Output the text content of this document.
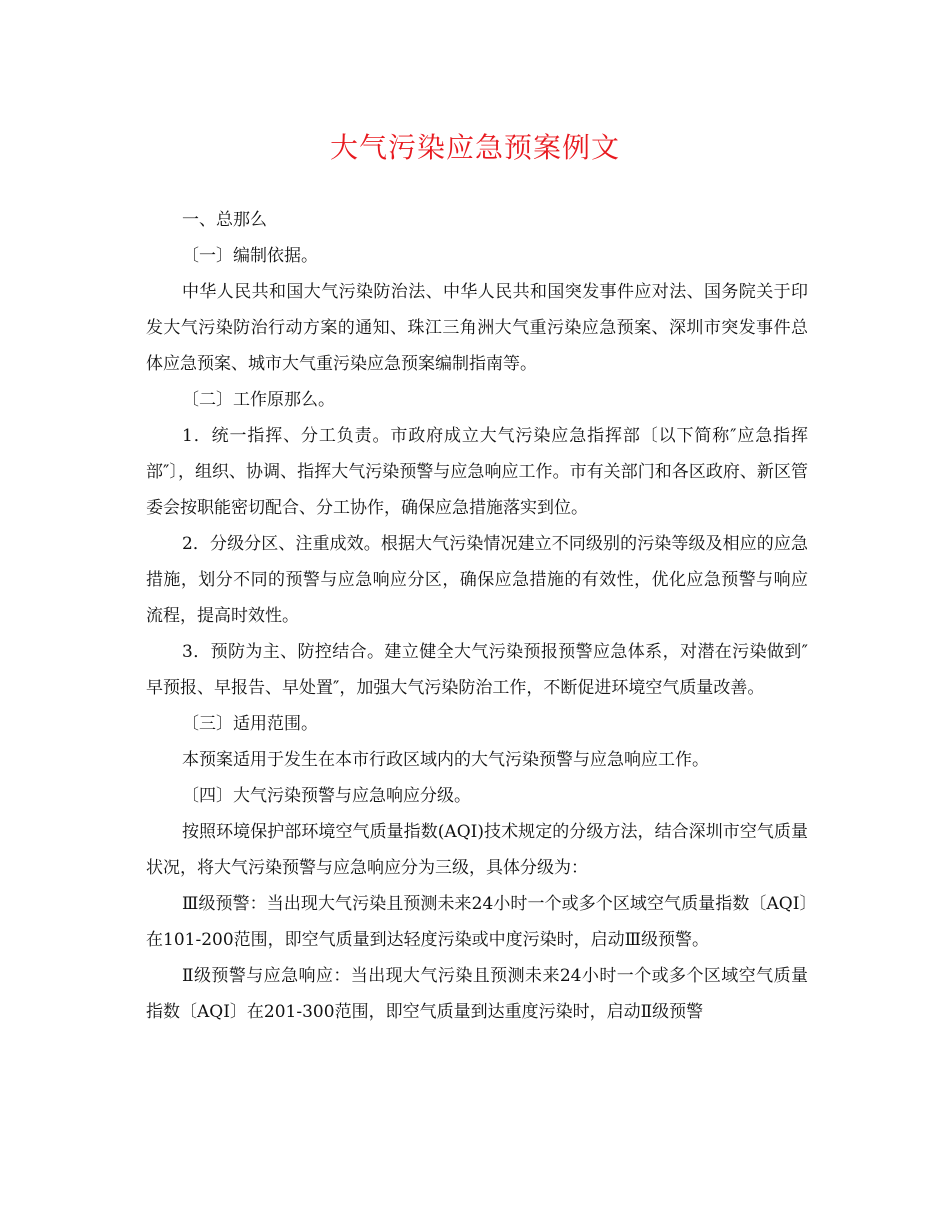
大气污染应急预案例文

一、总那么

〔一〕编制依据。

中华人民共和国大气污染防治法、中华人民共和国突发事件应对法、国务院关于印发大气污染防治行动方案的通知、珠江三角洲大气重污染应急预案、深圳市突发事件总体应急预案、城市大气重污染应急预案编制指南等。

〔二〕工作原那么。

1．统一指挥、分工负责。市政府成立大气污染应急指挥部〔以下简称″应急指挥部″〕，组织、协调、指挥大气污染预警与应急响应工作。市有关部门和各区政府、新区管委会按职能密切配合、分工协作，确保应急措施落实到位。

2．分级分区、注重成效。根据大气污染情况建立不同级别的污染等级及相应的应急措施，划分不同的预警与应急响应分区，确保应急措施的有效性，优化应急预警与响应流程，提高时效性。

3．预防为主、防控结合。建立健全大气污染预报预警应急体系，对潜在污染做到″早预报、早报告、早处置″，加强大气污染防治工作，不断促进环境空气质量改善。

〔三〕适用范围。

本预案适用于发生在本市行政区域内的大气污染预警与应急响应工作。

〔四〕大气污染预警与应急响应分级。

按照环境保护部环境空气质量指数(AQI)技术规定的分级方法，结合深圳市空气质量状况，将大气污染预警与应急响应分为三级，具体分级为：

Ⅲ级预警：当出现大气污染且预测未来24小时一个或多个区域空气质量指数〔AQI〕在101-200范围，即空气质量到达轻度污染或中度污染时，启动Ⅲ级预警。

Ⅱ级预警与应急响应：当出现大气污染且预测未来24小时一个或多个区域空气质量指数〔AQI〕在201-300范围，即空气质量到达重度污染时，启动Ⅱ级预警
